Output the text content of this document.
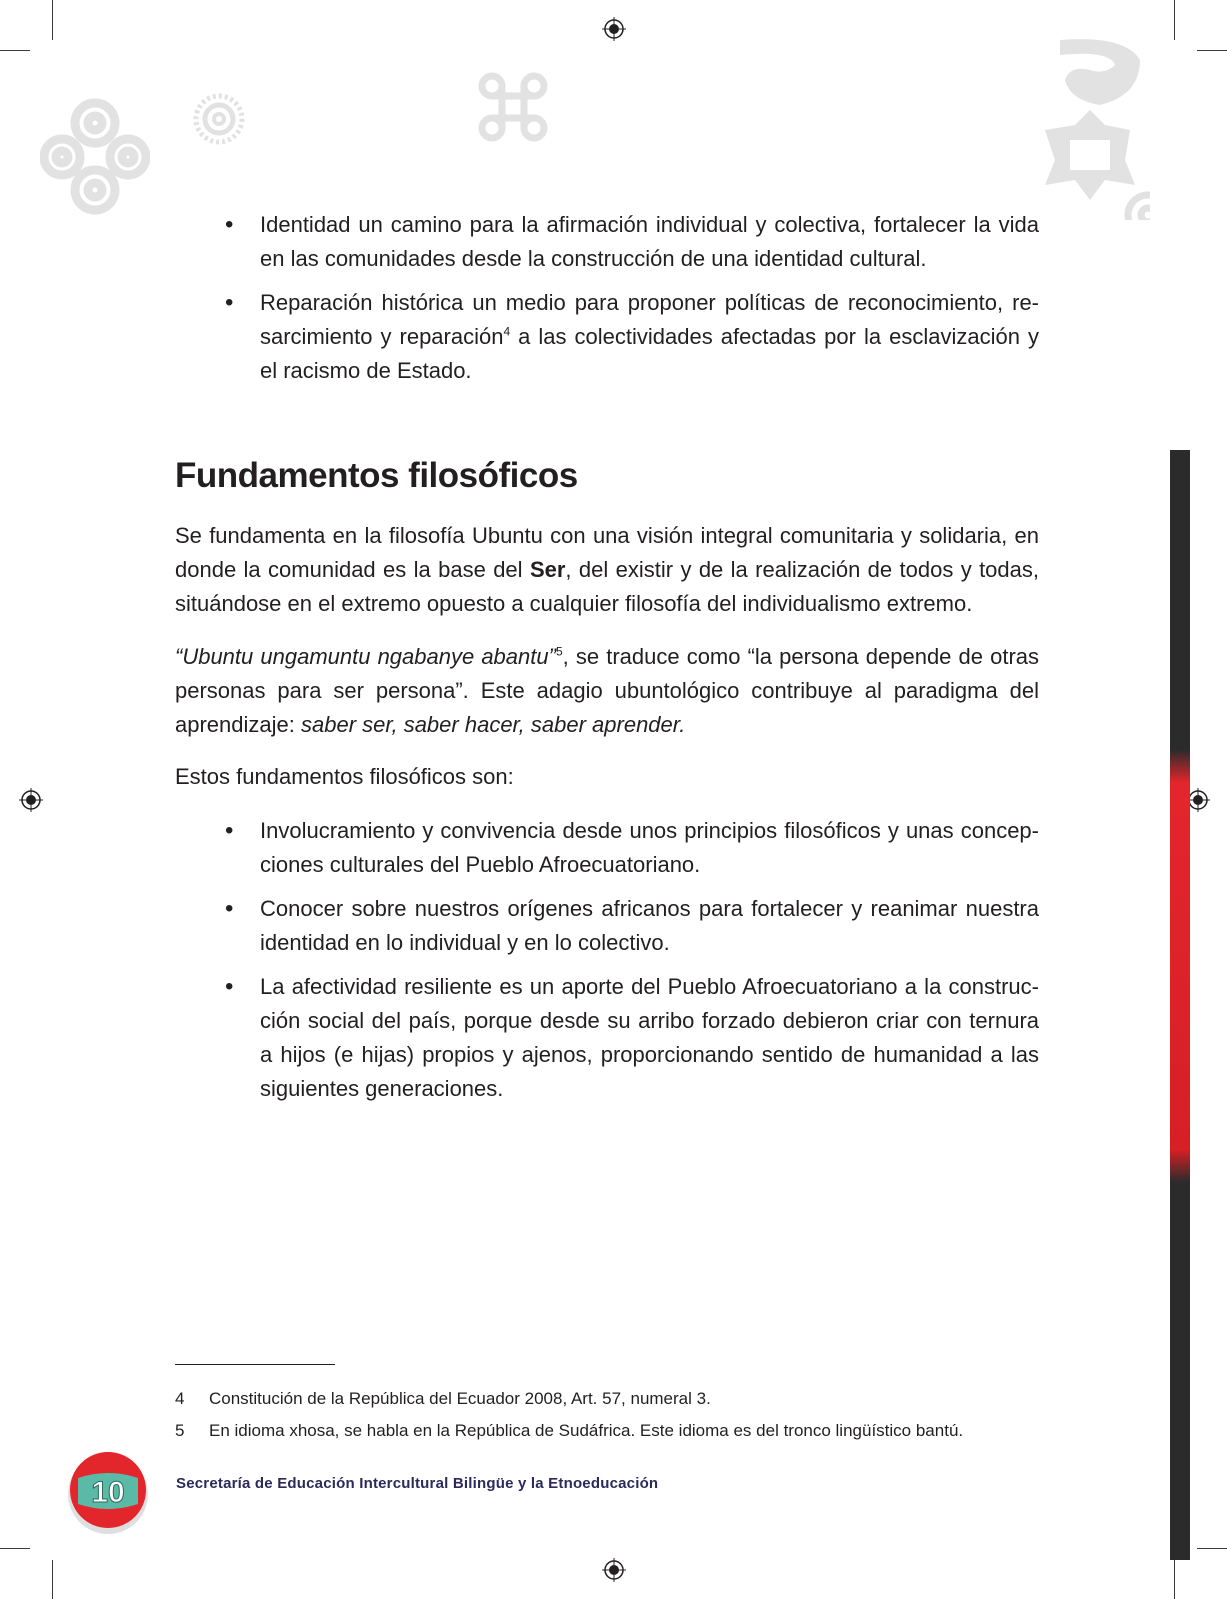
• Identidad un camino para la afirmación individual y colectiva, fortalecer la vida en las comunidades desde la construcción de una identidad cultural.
• Reparación histórica un medio para proponer políticas de reconocimiento, re-sarcimiento y reparación$^4$ a las colectividades afectadas por la esclavización y el racismo de Estado.
Fundamentos filosóficos

Se fundamenta en la filosofía Ubuntu con una visión integral comunitaria y solidaria, en donde la comunidad es la base del Ser, del existir y de la realización de todos y todas, situándose en el extremo opuesto a cualquier filosofía del individualismo extremo.

“Ubuntu ungamuntu ngabanye abantu”$^5$, se traduce como “la persona depende de otras personas para ser persona”. Este adagio ubuntológico contribuye al paradigma del aprendizaje: saber ser, saber hacer, saber aprender.

Estos fundamentos filosóficos son:

• Involucramiento y convivencia desde unos principios filosóficos y unas concep-ciones culturales del Pueblo Afroecuatoriano.
• Conocer sobre nuestros orígenes africanos para fortalecer y reanimar nuestra identidad en lo individual y en lo colectivo.
• La afectividad resiliente es un aporte del Pueblo Afroecuatoriano a la construc-ción social del país, porque desde su arribo forzado debieron criar con ternura a hijos (e hijas) propios y ajenos, proporcionando sentido de humanidad a las siguientes generaciones.
4 Constitución de la República del Ecuador 2008, Art. 57, numeral 3.
5 En idioma xhosa, se habla en la República de Sudáfrica. Este idioma es del tronco lingüístico bantú.
10	Secretaría de Educación Intercultural Bilingüe y la Etnoeducación
